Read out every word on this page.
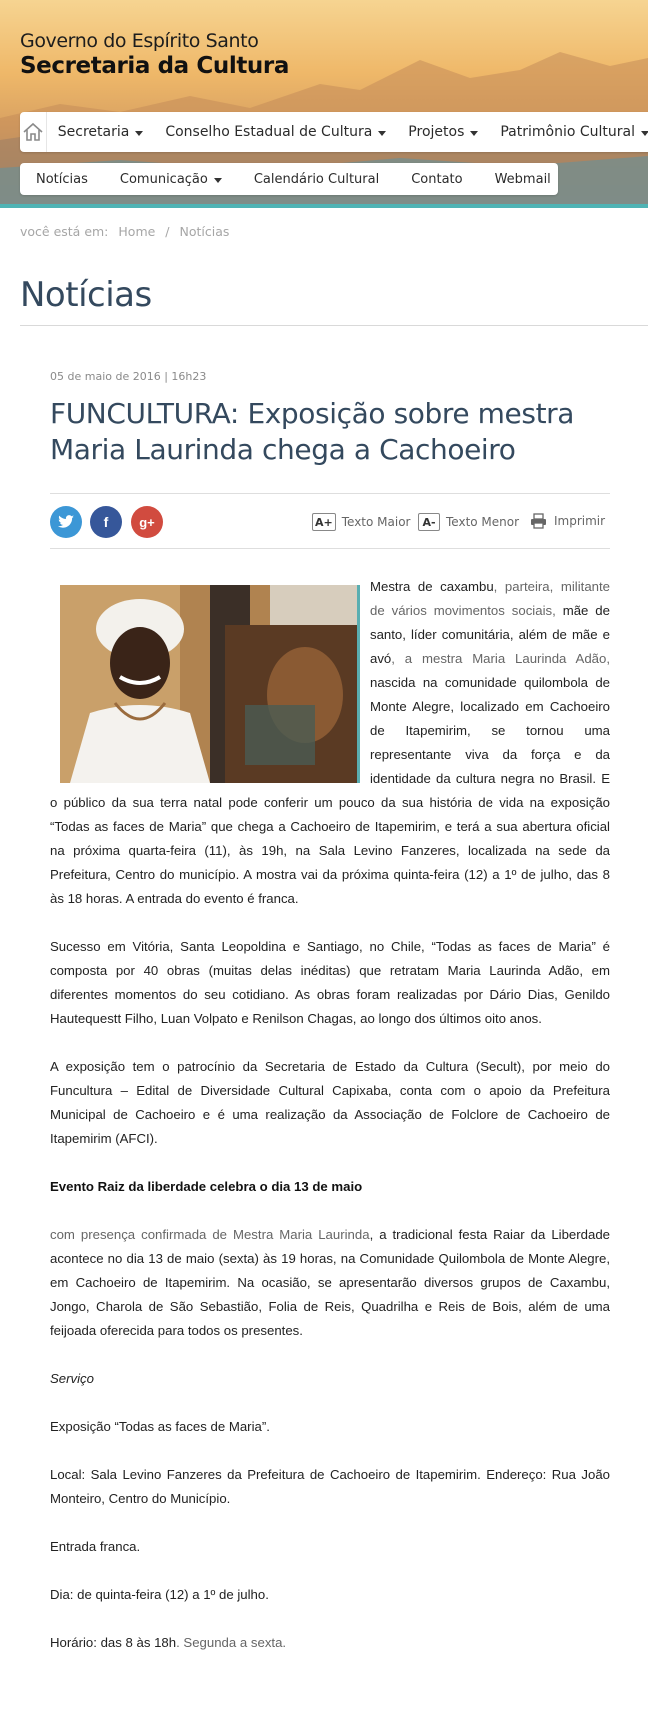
Governo do Espírito Santo
Secretaria da Cultura
Secretaria	Conselho Estadual de Cultura	Projetos	Patrimônio Cultural
Notícias	Comunicação	Calendário Cultural	Contato	Webmail
você está em: Home / Notícias
Notícias
05 de maio de 2016 | 16h23
FUNCULTURA: Exposição sobre mestra Maria Laurinda chega a Cachoeiro
f g+	A+ Texto Maior	A- Texto Menor	Imprimir

Mestra de caxambu, parteira, militante de vários movimentos sociais, mãe de santo, líder comunitária, além de mãe e avó, a mestra Maria Laurinda Adão, nascida na comunidade quilombola de Monte Alegre, localizado em Cachoeiro de Itapemirim, se tornou uma representante viva da força e da identidade da cultura negra no Brasil. E o público da sua terra natal pode conferir um pouco da sua história de vida na exposição “Todas as faces de Maria” que chega a Cachoeiro de Itapemirim, e terá a sua abertura oficial na próxima quarta-feira (11), às 19h, na Sala Levino Fanzeres, localizada na sede da Prefeitura, Centro do município. A mostra vai da próxima quinta-feira (12) a 1º de julho, das 8 às 18 horas. A entrada do evento é franca.

Sucesso em Vitória, Santa Leopoldina e Santiago, no Chile, “Todas as faces de Maria” é composta por 40 obras (muitas delas inéditas) que retratam Maria Laurinda Adão, em diferentes momentos do seu cotidiano. As obras foram realizadas por Dário Dias, Genildo Hautequestt Filho, Luan Volpato e Renilson Chagas, ao longo dos últimos oito anos.

A exposição tem o patrocínio da Secretaria de Estado da Cultura (Secult), por meio do Funcultura – Edital de Diversidade Cultural Capixaba, conta com o apoio da Prefeitura Municipal de Cachoeiro e é uma realização da Associação de Folclore de Cachoeiro de Itapemirim (AFCI).

Evento Raiz da liberdade celebra o dia 13 de maio

com presença confirmada de Mestra Maria Laurinda, a tradicional festa Raiar da Liberdade acontece no dia 13 de maio (sexta) às 19 horas, na Comunidade Quilombola de Monte Alegre, em Cachoeiro de Itapemirim. Na ocasião, se apresentarão diversos grupos de Caxambu, Jongo, Charola de São Sebastião, Folia de Reis, Quadrilha e Reis de Bois, além de uma feijoada oferecida para todos os presentes.

Serviço

Exposição “Todas as faces de Maria”.

Local: Sala Levino Fanzeres da Prefeitura de Cachoeiro de Itapemirim. Endereço: Rua João Monteiro, Centro do Município.

Entrada franca.

Dia: de quinta-feira (12) a 1º de julho.

Horário: das 8 às 18h. Segunda a sexta.
